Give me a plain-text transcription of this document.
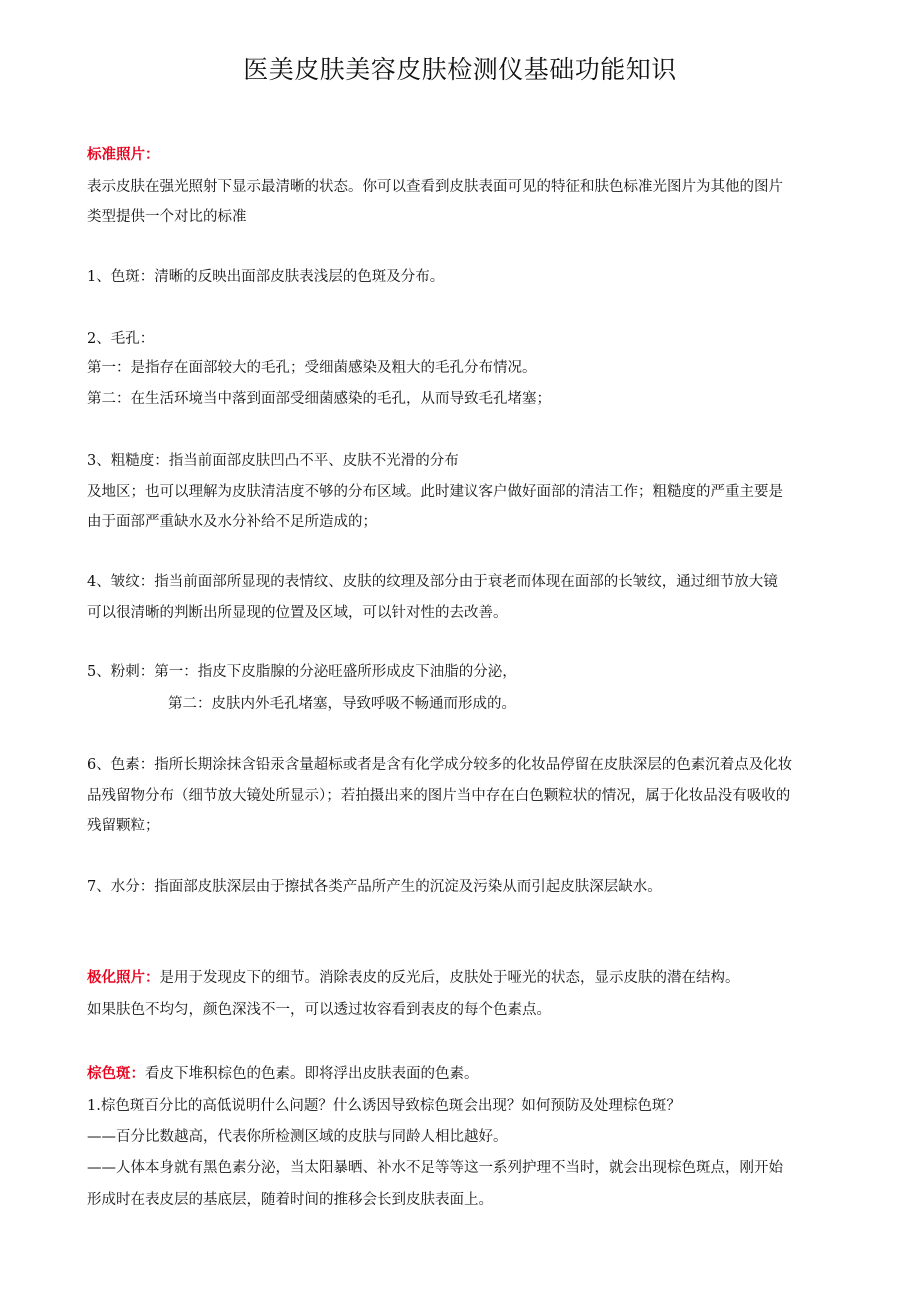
医美皮肤美容皮肤检测仪基础功能知识
标准照片：
表示皮肤在强光照射下显示最清晰的状态。你可以查看到皮肤表面可见的特征和肤色标准光图片为其他的图片
类型提供一个对比的标准
1、色斑：清晰的反映出面部皮肤表浅层的色斑及分布。
2、毛孔：
第一：是指存在面部较大的毛孔；受细菌感染及粗大的毛孔分布情况。
第二：在生活环境当中落到面部受细菌感染的毛孔，从而导致毛孔堵塞；
3、粗糙度：指当前面部皮肤凹凸不平、皮肤不光滑的分布
及地区；也可以理解为皮肤清洁度不够的分布区域。此时建议客户做好面部的清洁工作；粗糙度的严重主要是
由于面部严重缺水及水分补给不足所造成的；
4、皱纹：指当前面部所显现的表情纹、皮肤的纹理及部分由于衰老而体现在面部的长皱纹，通过细节放大镜
可以很清晰的判断出所显现的位置及区域，可以针对性的去改善。
5、粉刺：第一：指皮下皮脂腺的分泌旺盛所形成皮下油脂的分泌，
第二：皮肤内外毛孔堵塞，导致呼吸不畅通而形成的。
6、色素：指所长期涂抹含铅汞含量超标或者是含有化学成分较多的化妆品停留在皮肤深层的色素沉着点及化妆
品残留物分布（细节放大镜处所显示）；若拍摄出来的图片当中存在白色颗粒状的情况，属于化妆品没有吸收的
残留颗粒；
7、水分：指面部皮肤深层由于擦拭各类产品所产生的沉淀及污染从而引起皮肤深层缺水。
极化照片：是用于发现皮下的细节。消除表皮的反光后，皮肤处于哑光的状态，显示皮肤的潜在结构。
如果肤色不均匀，颜色深浅不一，可以透过妆容看到表皮的每个色素点。
棕色斑：看皮下堆积棕色的色素。即将浮出皮肤表面的色素。
1.棕色斑百分比的高低说明什么问题？什么诱因导致棕色斑会出现？如何预防及处理棕色斑？
——百分比数越高，代表你所检测区域的皮肤与同龄人相比越好。
——人体本身就有黑色素分泌，当太阳暴晒、补水不足等等这一系列护理不当时，就会出现棕色斑点，刚开始
形成时在表皮层的基底层，随着时间的推移会长到皮肤表面上。
